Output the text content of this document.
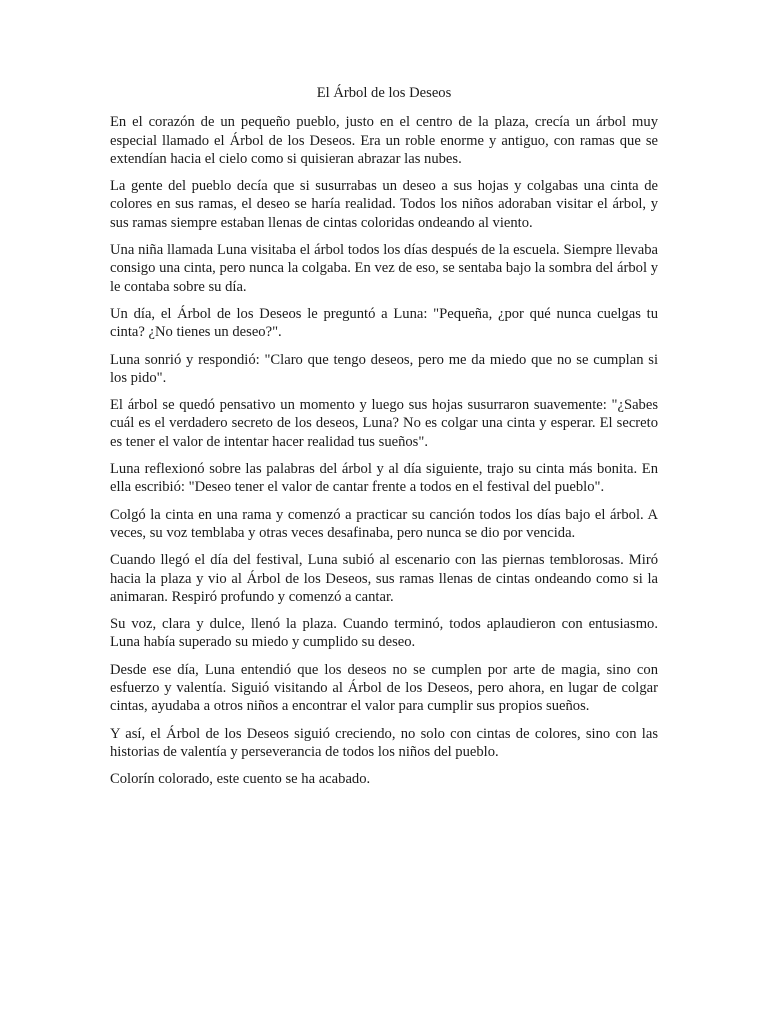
El Árbol de los Deseos

En el corazón de un pequeño pueblo, justo en el centro de la plaza, crecía un árbol muy especial llamado el Árbol de los Deseos. Era un roble enorme y antiguo, con ramas que se extendían hacia el cielo como si quisieran abrazar las nubes.

La gente del pueblo decía que si susurrabas un deseo a sus hojas y colgabas una cinta de colores en sus ramas, el deseo se haría realidad. Todos los niños adoraban visitar el árbol, y sus ramas siempre estaban llenas de cintas coloridas ondeando al viento.

Una niña llamada Luna visitaba el árbol todos los días después de la escuela. Siempre llevaba consigo una cinta, pero nunca la colgaba. En vez de eso, se sentaba bajo la sombra del árbol y le contaba sobre su día.

Un día, el Árbol de los Deseos le preguntó a Luna: "Pequeña, ¿por qué nunca cuelgas tu cinta? ¿No tienes un deseo?".

Luna sonrió y respondió: "Claro que tengo deseos, pero me da miedo que no se cumplan si los pido".

El árbol se quedó pensativo un momento y luego sus hojas susurraron suavemente: "¿Sabes cuál es el verdadero secreto de los deseos, Luna? No es colgar una cinta y esperar. El secreto es tener el valor de intentar hacer realidad tus sueños".

Luna reflexionó sobre las palabras del árbol y al día siguiente, trajo su cinta más bonita. En ella escribió: "Deseo tener el valor de cantar frente a todos en el festival del pueblo".

Colgó la cinta en una rama y comenzó a practicar su canción todos los días bajo el árbol. A veces, su voz temblaba y otras veces desafinaba, pero nunca se dio por vencida.

Cuando llegó el día del festival, Luna subió al escenario con las piernas temblorosas. Miró hacia la plaza y vio al Árbol de los Deseos, sus ramas llenas de cintas ondeando como si la animaran. Respiró profundo y comenzó a cantar.

Su voz, clara y dulce, llenó la plaza. Cuando terminó, todos aplaudieron con entusiasmo. Luna había superado su miedo y cumplido su deseo.

Desde ese día, Luna entendió que los deseos no se cumplen por arte de magia, sino con esfuerzo y valentía. Siguió visitando al Árbol de los Deseos, pero ahora, en lugar de colgar cintas, ayudaba a otros niños a encontrar el valor para cumplir sus propios sueños.

Y así, el Árbol de los Deseos siguió creciendo, no solo con cintas de colores, sino con las historias de valentía y perseverancia de todos los niños del pueblo.

Colorín colorado, este cuento se ha acabado.
